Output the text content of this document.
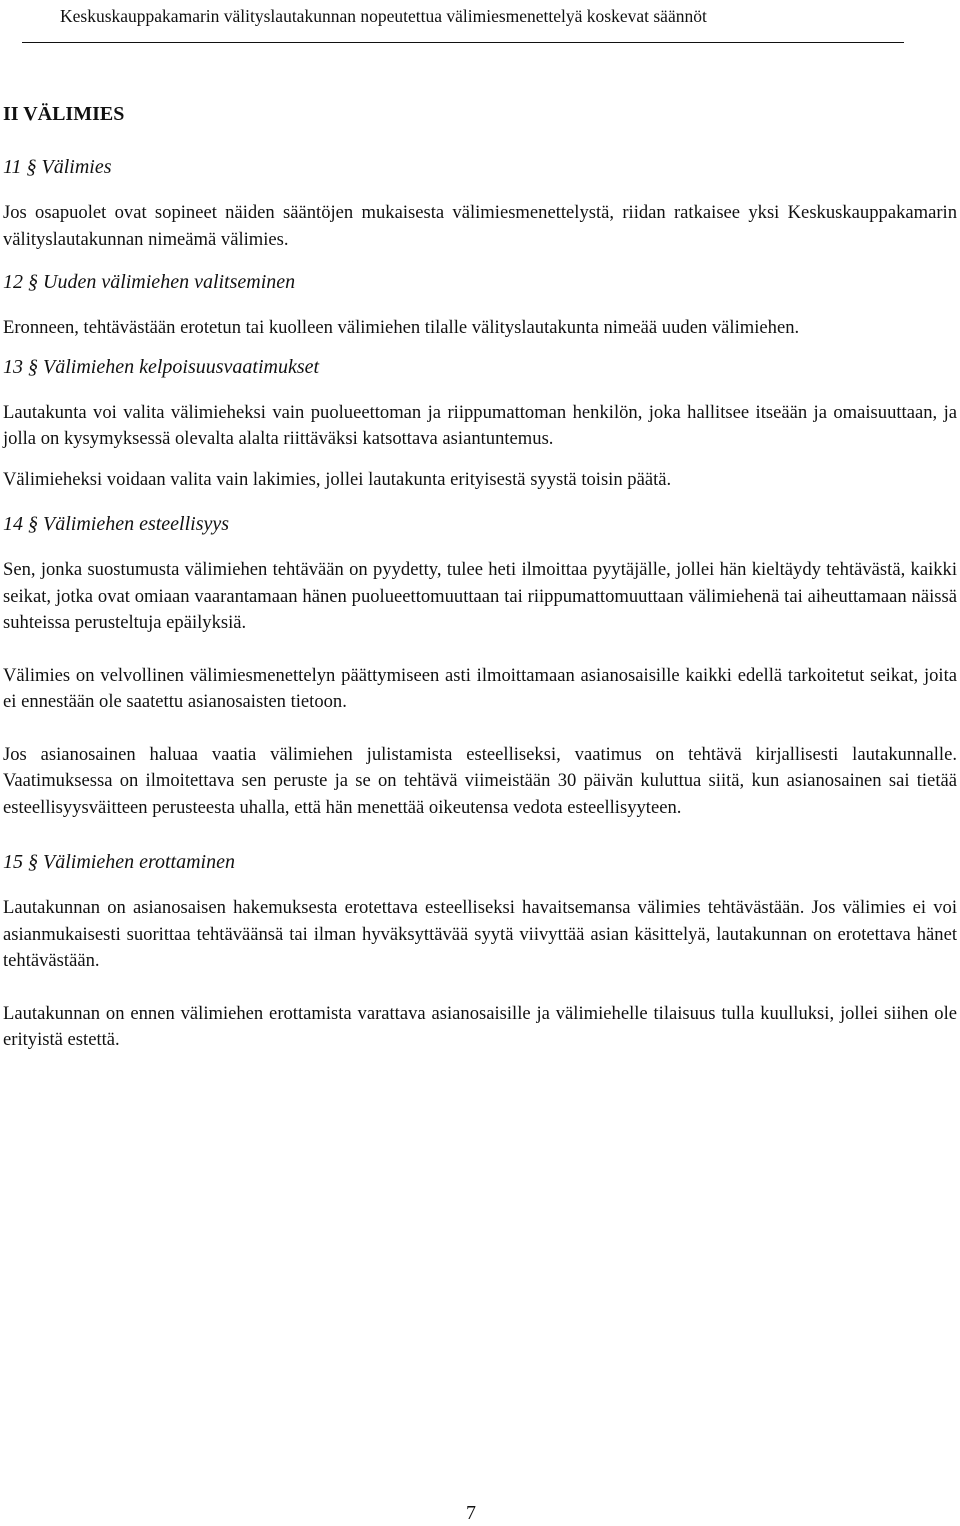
Keskuskauppakamarin välityslautakunnan nopeutettua välimiesmenettelyä koskevat säännöt
II VÄLIMIES
11 § Välimies

Jos osapuolet ovat sopineet näiden sääntöjen mukaisesta välimiesmenettelystä, riidan ratkaisee yksi Keskuskauppakamarin välityslautakunnan nimeämä välimies.

12 § Uuden välimiehen valitseminen

Eronneen, tehtävästään erotetun tai kuolleen välimiehen tilalle välityslautakunta nimeää uuden välimiehen.

13 § Välimiehen kelpoisuusvaatimukset

Lautakunta voi valita välimieheksi vain puolueettoman ja riippumattoman henkilön, joka hallitsee itseään ja omaisuuttaan, ja jolla on kysymyksessä olevalta alalta riittäväksi katsottava asiantuntemus.

Välimieheksi voidaan valita vain lakimies, jollei lautakunta erityisestä syystä toisin päätä.

14 § Välimiehen esteellisyys

Sen, jonka suostumusta välimiehen tehtävään on pyydetty, tulee heti ilmoittaa pyytäjälle, jollei hän kieltäydy tehtävästä, kaikki seikat, jotka ovat omiaan vaarantamaan hänen puolueettomuuttaan tai riippumattomuuttaan välimiehenä tai aiheuttamaan näissä suhteissa perusteltuja epäilyksiä.

Välimies on velvollinen välimiesmenettelyn päättymiseen asti ilmoittamaan asianosaisille kaikki edellä tarkoitetut seikat, joita ei ennestään ole saatettu asianosaisten tietoon.

Jos asianosainen haluaa vaatia välimiehen julistamista esteelliseksi, vaatimus on tehtävä kirjallisesti lautakunnalle. Vaatimuksessa on ilmoitettava sen peruste ja se on tehtävä viimeistään 30 päivän kuluttua siitä, kun asianosainen sai tietää esteellisyysväitteen perusteesta uhalla, että hän menettää oikeutensa vedota esteellisyyteen.

15 § Välimiehen erottaminen

Lautakunnan on asianosaisen hakemuksesta erotettava esteelliseksi havaitsemansa välimies tehtävästään. Jos välimies ei voi asianmukaisesti suorittaa tehtäväänsä tai ilman hyväksyttävää syytä viivyttää asian käsittelyä, lautakunnan on erotettava hänet tehtävästään.

Lautakunnan on ennen välimiehen erottamista varattava asianosaisille ja välimiehelle tilaisuus tulla kuulluksi, jollei siihen ole erityistä estettä.

7
